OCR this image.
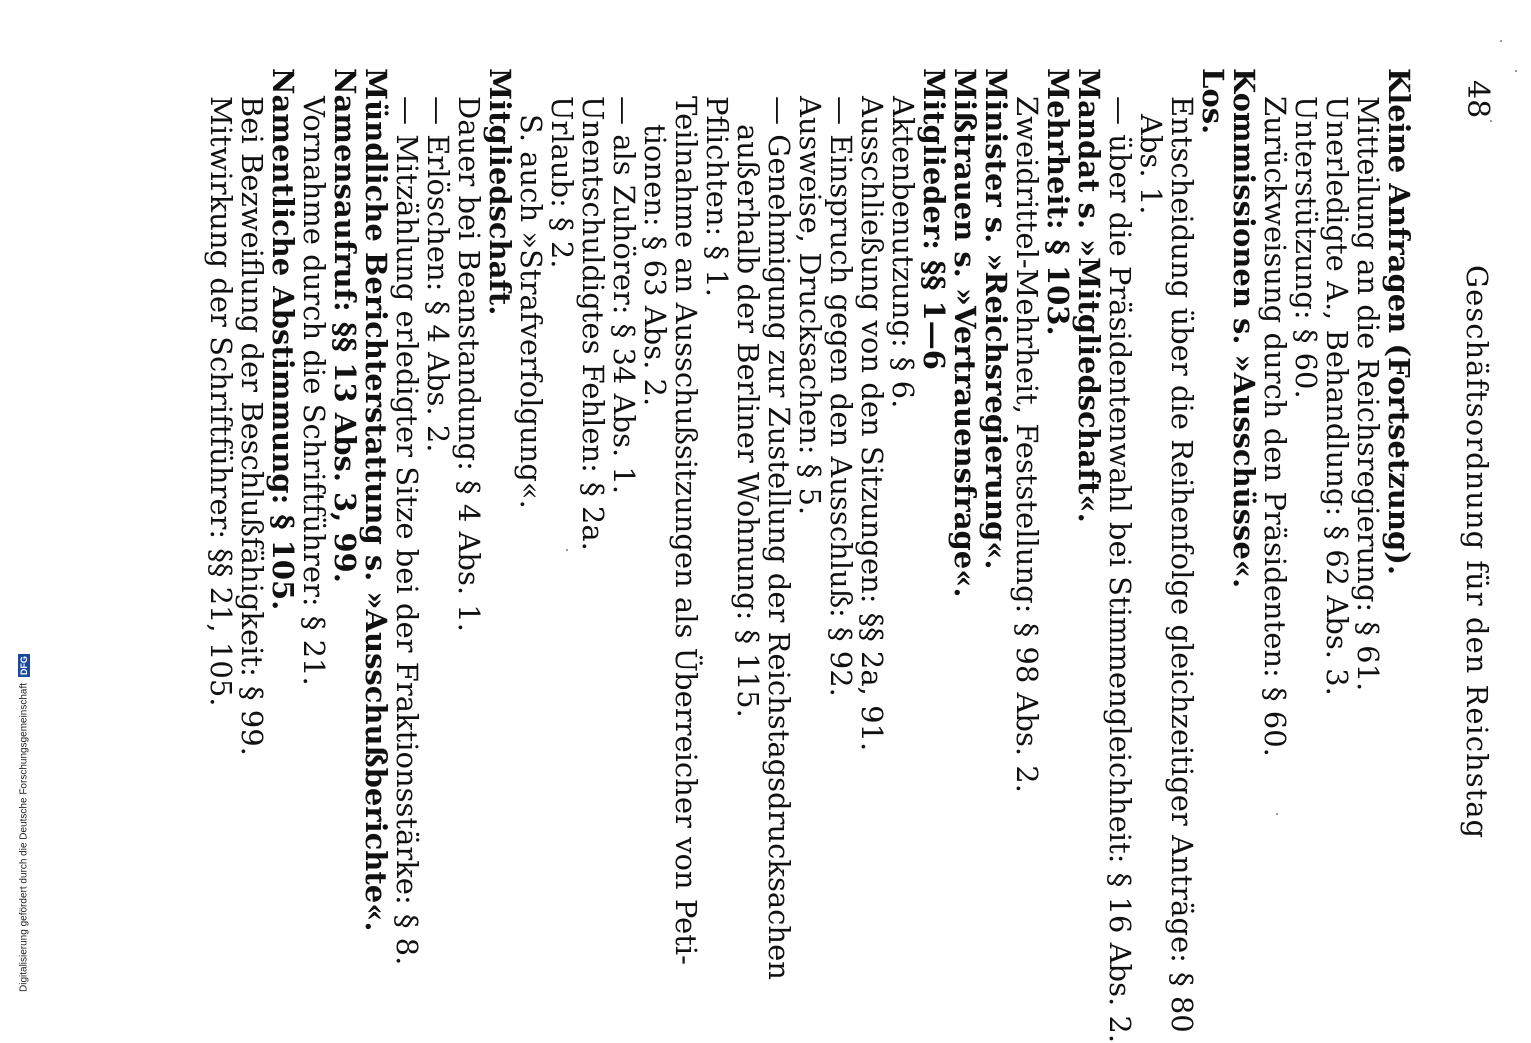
48
Geschäftsordnung für den Reichstag
Kleine Anfragen (Fortsetzung).
Mitteilung an die Reichsregierung: § 61.
Unerledigte A., Behandlung: § 62 Abs. 3.
Unterstützung: § 60.
Zurückweisung durch den Präsidenten: § 60.
Kommissionen s. »Ausschüsse«.
Los.
Entscheidung über die Reihenfolge gleichzeitiger Anträge: § 80
Abs. 1.
— über die Präsidentenwahl bei Stimmengleichheit: § 16 Abs. 2.
Mandat s. »Mitgliedschaft«.
Mehrheit: § 103.
Zweidrittel-Mehrheit, Feststellung: § 98 Abs. 2.
Minister s. »Reichsregierung«.
Mißtrauen s. »Vertrauensfrage«.
Mitglieder: §§ 1—6
Aktenbenutzung: § 6.
Ausschließung von den Sitzungen: §§ 2a, 91.
— Einspruch gegen den Ausschluß: § 92.
Ausweise, Drucksachen: § 5.
— Genehmigung zur Zustellung der Reichstagsdrucksachen
außerhalb der Berliner Wohnung: § 115.
Pflichten: § 1.
Teilnahme an Ausschußsitzungen als Überreicher von Peti-
tionen: § 63 Abs. 2.
— als Zuhörer: § 34 Abs. 1.
Unentschuldigtes Fehlen: § 2a.
Urlaub: § 2.
S. auch »Strafverfolgung«.
Mitgliedschaft.
Dauer bei Beanstandung: § 4 Abs. 1.
— Erlöschen: § 4 Abs. 2.
— Mitzählung erledigter Sitze bei der Fraktionsstärke: § 8.
Mündliche Berichterstattung s. »Ausschußberichte«.
Namensaufruf: §§ 13 Abs. 3, 99.
Vornahme durch die Schriftführer: § 21.
Namentliche Abstimmung: § 105.
Bei Bezweiflung der Beschlußfähigkeit: § 99.
Mitwirkung der Schriftführer: §§ 21, 105.
Digitalisierung gefördert durch die Deutsche Forschungsgemeinschaft DFG
